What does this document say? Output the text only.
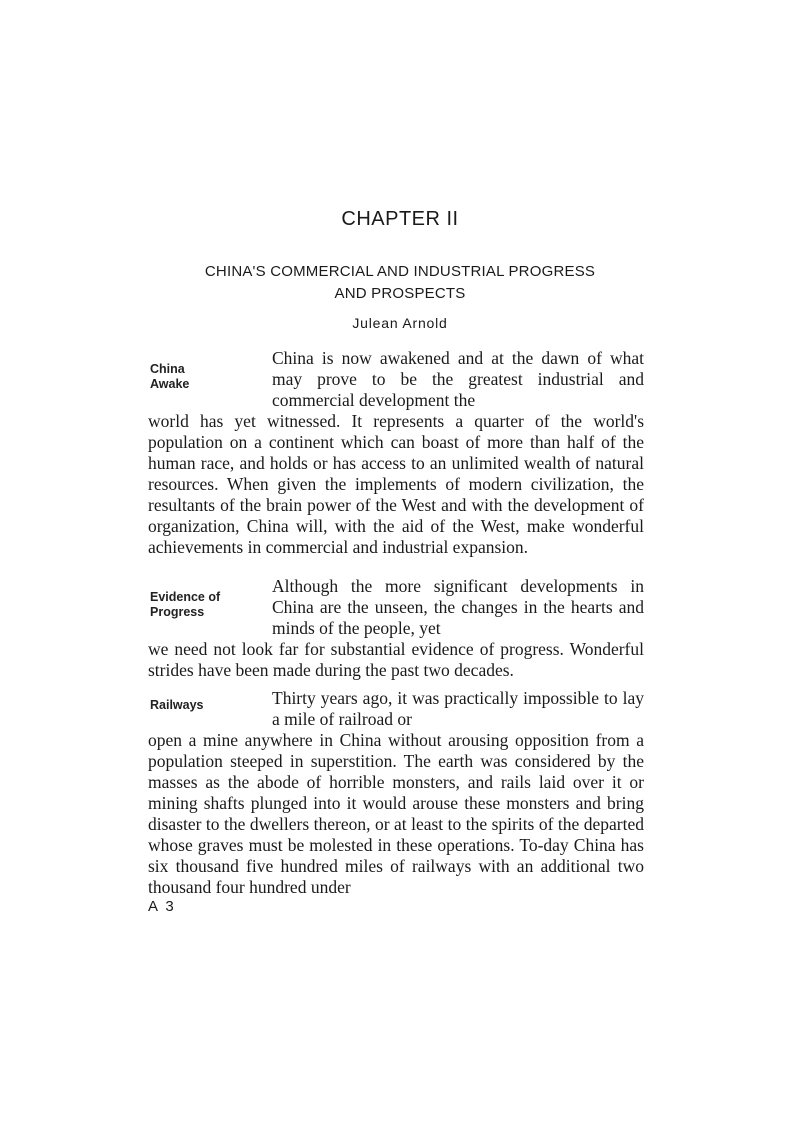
CHAPTER II
CHINA'S COMMERCIAL AND INDUSTRIAL PROGRESS
AND PROSPECTS
Julean Arnold
China
Awake
China is now awakened and at the dawn of what may prove to be the greatest industrial and commercial development the
world has yet witnessed. It represents a quarter of the world's population on a continent which can boast of more than half of the human race, and holds or has access to an unlimited wealth of natural resources. When given the implements of modern civilization, the resultants of the brain power of the West and with the development of organization, China will, with the aid of the West, make wonderful achievements in commercial and industrial expansion.
Evidence of
Progress
Although the more significant developments in China are the unseen, the changes in the hearts and minds of the people, yet
we need not look far for substantial evidence of progress. Wonderful strides have been made during the past two decades.
Railways	Thirty years ago, it was practically impossible to lay a mile of railroad or
open a mine anywhere in China without arousing opposition from a population steeped in superstition. The earth was considered by the masses as the abode of horrible monsters, and rails laid over it or mining shafts plunged into it would arouse these monsters and bring disaster to the dwellers thereon, or at least to the spirits of the departed whose graves must be molested in these operations. To-day China has six thousand five hundred miles of railways with an additional two thousand four hundred under
A 3
